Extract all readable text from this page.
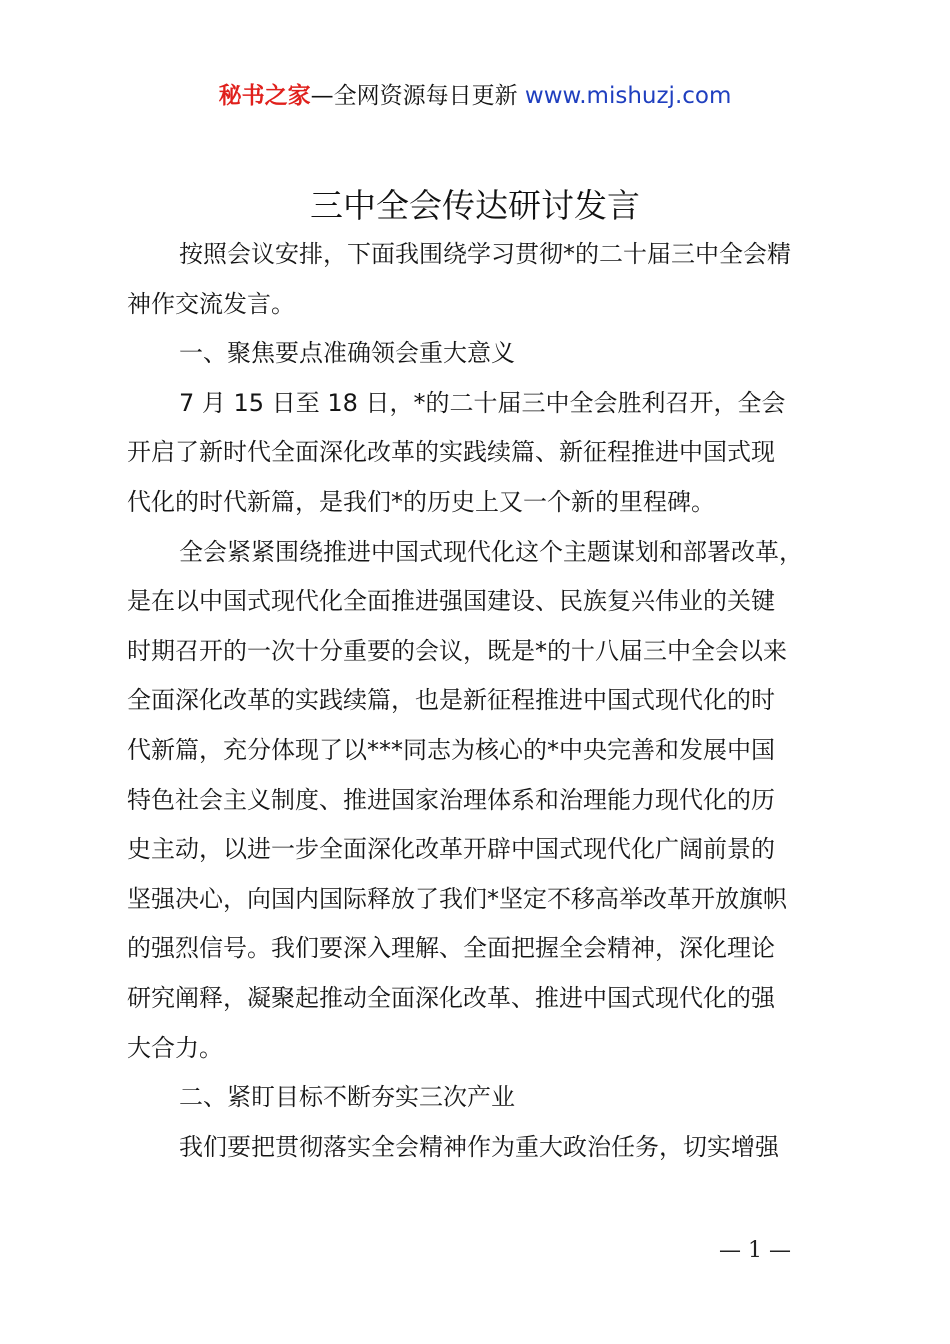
秘书之家—全网资源每日更新 www.mishuzj.com
三中全会传达研讨发言
按照会议安排，下面我围绕学习贯彻*的二十届三中全会精
神作交流发言。
一、聚焦要点准确领会重大意义
7 月 15 日至 18 日，*的二十届三中全会胜利召开，全会
开启了新时代全面深化改革的实践续篇、新征程推进中国式现
代化的时代新篇，是我们*的历史上又一个新的里程碑。
全会紧紧围绕推进中国式现代化这个主题谋划和部署改革，
是在以中国式现代化全面推进强国建设、民族复兴伟业的关键
时期召开的一次十分重要的会议，既是*的十八届三中全会以来
全面深化改革的实践续篇，也是新征程推进中国式现代化的时
代新篇，充分体现了以***同志为核心的*中央完善和发展中国
特色社会主义制度、推进国家治理体系和治理能力现代化的历
史主动，以进一步全面深化改革开辟中国式现代化广阔前景的
坚强决心，向国内国际释放了我们*坚定不移高举改革开放旗帜
的强烈信号。我们要深入理解、全面把握全会精神，深化理论
研究阐释，凝聚起推动全面深化改革、推进中国式现代化的强
大合力。
二、紧盯目标不断夯实三次产业
我们要把贯彻落实全会精神作为重大政治任务，切实增强
— 1 —
